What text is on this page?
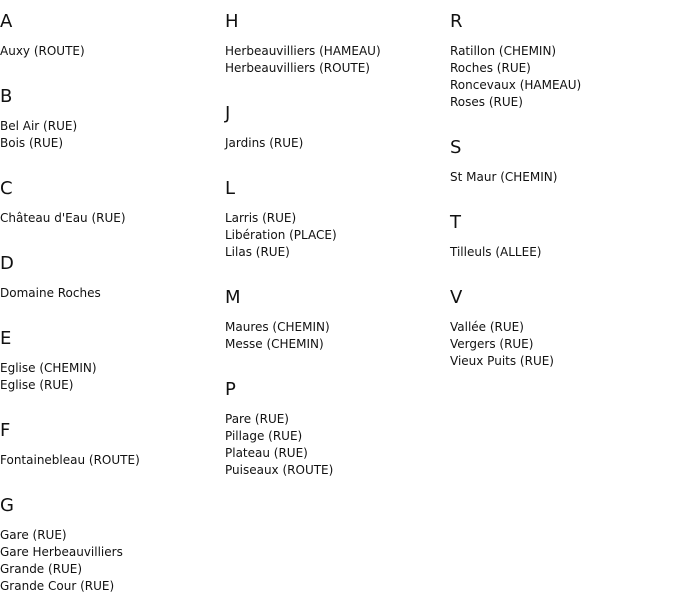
A
Auxy (ROUTE)
B
Bel Air (RUE)
Bois (RUE)
C
Château d'Eau (RUE)
D
Domaine Roches
E
Eglise (CHEMIN)
Eglise (RUE)
F
Fontainebleau (ROUTE)
G
Gare (RUE)
Gare Herbeauvilliers
Grande (RUE)
Grande Cour (RUE)
H
Herbeauvilliers (HAMEAU)
Herbeauvilliers (ROUTE)
J
Jardins (RUE)
L
Larris (RUE)
Libération (PLACE)
Lilas (RUE)
M
Maures (CHEMIN)
Messe (CHEMIN)
P
Pare (RUE)
Pillage (RUE)
Plateau (RUE)
Puiseaux (ROUTE)
R
Ratillon (CHEMIN)
Roches (RUE)
Roncevaux (HAMEAU)
Roses (RUE)
S
St Maur (CHEMIN)
T
Tilleuls (ALLEE)
V
Vallée (RUE)
Vergers (RUE)
Vieux Puits (RUE)
